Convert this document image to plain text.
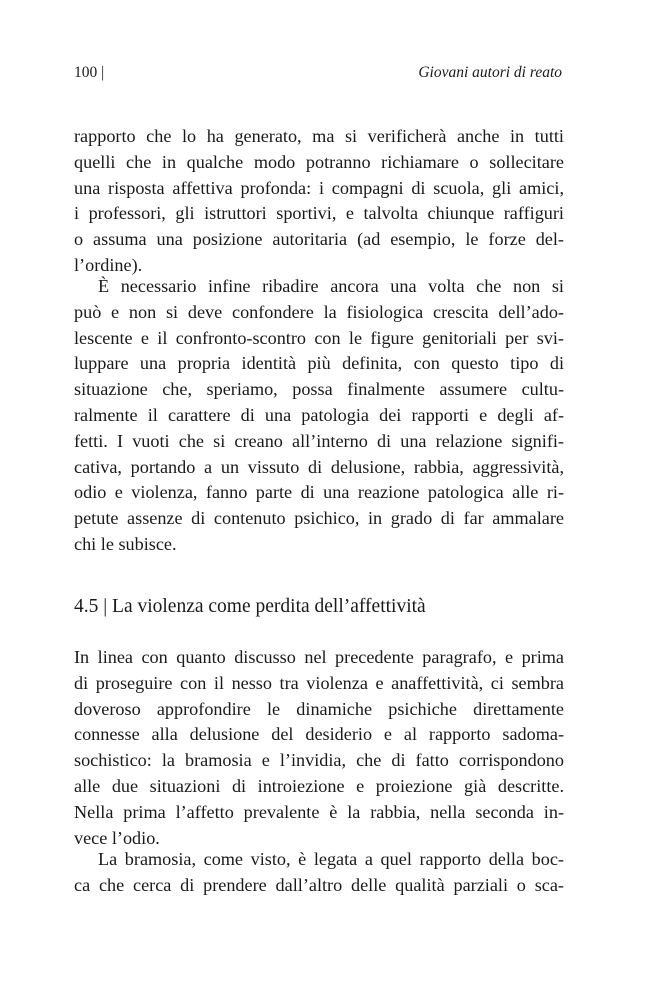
100 |	Giovani autori di reato
rapporto che lo ha generato, ma si verificherà anche in tutti
quelli che in qualche modo potranno richiamare o sollecitare
una risposta affettiva profonda: i compagni di scuola, gli amici,
i professori, gli istruttori sportivi, e talvolta chiunque raffiguri
o assuma una posizione autoritaria (ad esempio, le forze del-
l’ordine).
È necessario infine ribadire ancora una volta che non si
può e non si deve confondere la fisiologica crescita dell’ado-
lescente e il confronto-scontro con le figure genitoriali per svi-
luppare una propria identità più definita, con questo tipo di
situazione che, speriamo, possa finalmente assumere cultu-
ralmente il carattere di una patologia dei rapporti e degli af-
fetti. I vuoti che si creano all’interno di una relazione signifi-
cativa, portando a un vissuto di delusione, rabbia, aggressività,
odio e violenza, fanno parte di una reazione patologica alle ri-
petute assenze di contenuto psichico, in grado di far ammalare
chi le subisce.
4.5 | La violenza come perdita dell’affettività
In linea con quanto discusso nel precedente paragrafo, e prima
di proseguire con il nesso tra violenza e anaffettività, ci sembra
doveroso approfondire le dinamiche psichiche direttamente
connesse alla delusione del desiderio e al rapporto sadoma-
sochistico: la bramosia e l’invidia, che di fatto corrispondono
alle due situazioni di introiezione e proiezione già descritte.
Nella prima l’affetto prevalente è la rabbia, nella seconda in-
vece l’odio.
La bramosia, come visto, è legata a quel rapporto della boc-
ca che cerca di prendere dall’altro delle qualità parziali o sca-
